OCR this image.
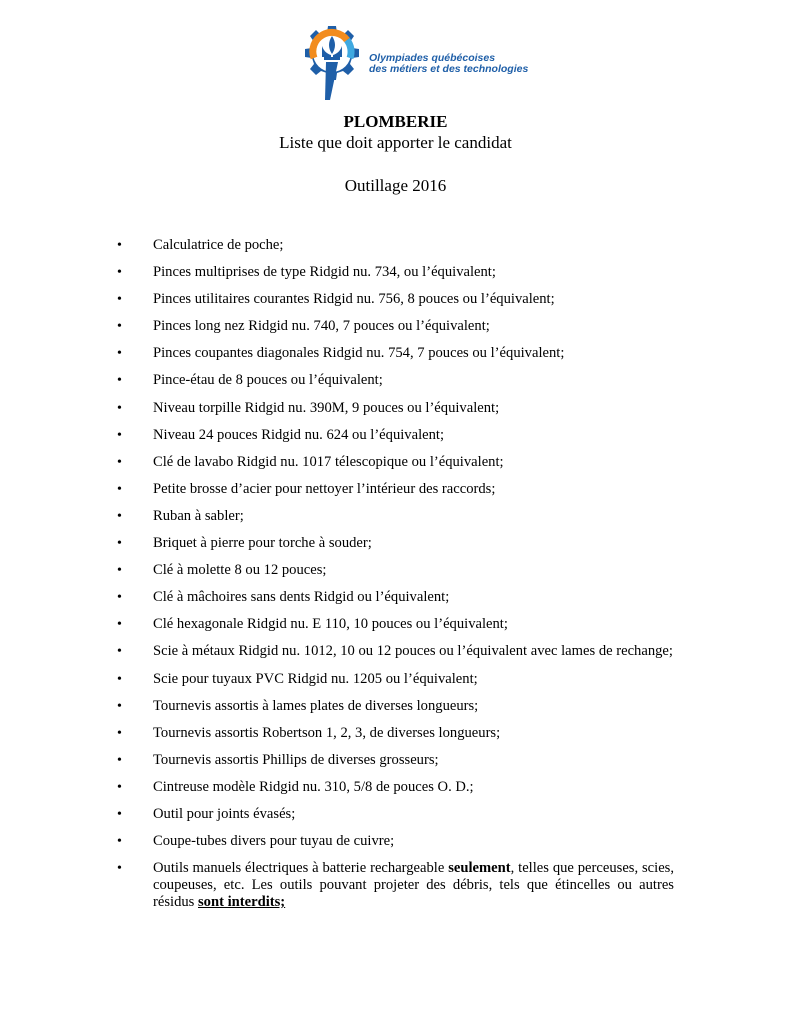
Olympiades québécoises
des métiers et des technologies
PLOMBERIE
Liste que doit apporter le candidat
Outillage 2016
• Calculatrice de poche;
• Pinces multiprises de type Ridgid nu. 734, ou l’équivalent;
• Pinces utilitaires courantes Ridgid nu. 756, 8 pouces ou l’équivalent;
• Pinces long nez Ridgid nu. 740, 7 pouces ou l’équivalent;
• Pinces coupantes diagonales Ridgid nu. 754, 7 pouces ou l’équivalent;
• Pince-étau de 8 pouces ou l’équivalent;
• Niveau torpille Ridgid nu. 390M, 9 pouces ou l’équivalent;
• Niveau 24 pouces Ridgid nu. 624 ou l’équivalent;
• Clé de lavabo Ridgid nu. 1017 télescopique ou l’équivalent;
• Petite brosse d’acier pour nettoyer l’intérieur des raccords;
• Ruban à sabler;
• Briquet à pierre pour torche à souder;
• Clé à molette 8 ou 12 pouces;
• Clé à mâchoires sans dents Ridgid ou l’équivalent;
• Clé hexagonale Ridgid nu. E 110, 10 pouces ou l’équivalent;
• Scie à métaux Ridgid nu. 1012, 10 ou 12 pouces ou l’équivalent avec lames de rechange;
• Scie pour tuyaux PVC Ridgid nu. 1205 ou l’équivalent;
• Tournevis assortis à lames plates de diverses longueurs;
• Tournevis assortis Robertson 1, 2, 3, de diverses longueurs;
• Tournevis assortis Phillips de diverses grosseurs;
• Cintreuse modèle Ridgid nu. 310, 5/8 de pouces O. D.;
• Outil pour joints évasés;
• Coupe-tubes divers pour tuyau de cuivre;
• Outils manuels électriques à batterie rechargeable seulement, telles que perceuses, scies, coupeuses, etc. Les outils pouvant projeter des débris, tels que étincelles ou autres résidus sont interdits;
